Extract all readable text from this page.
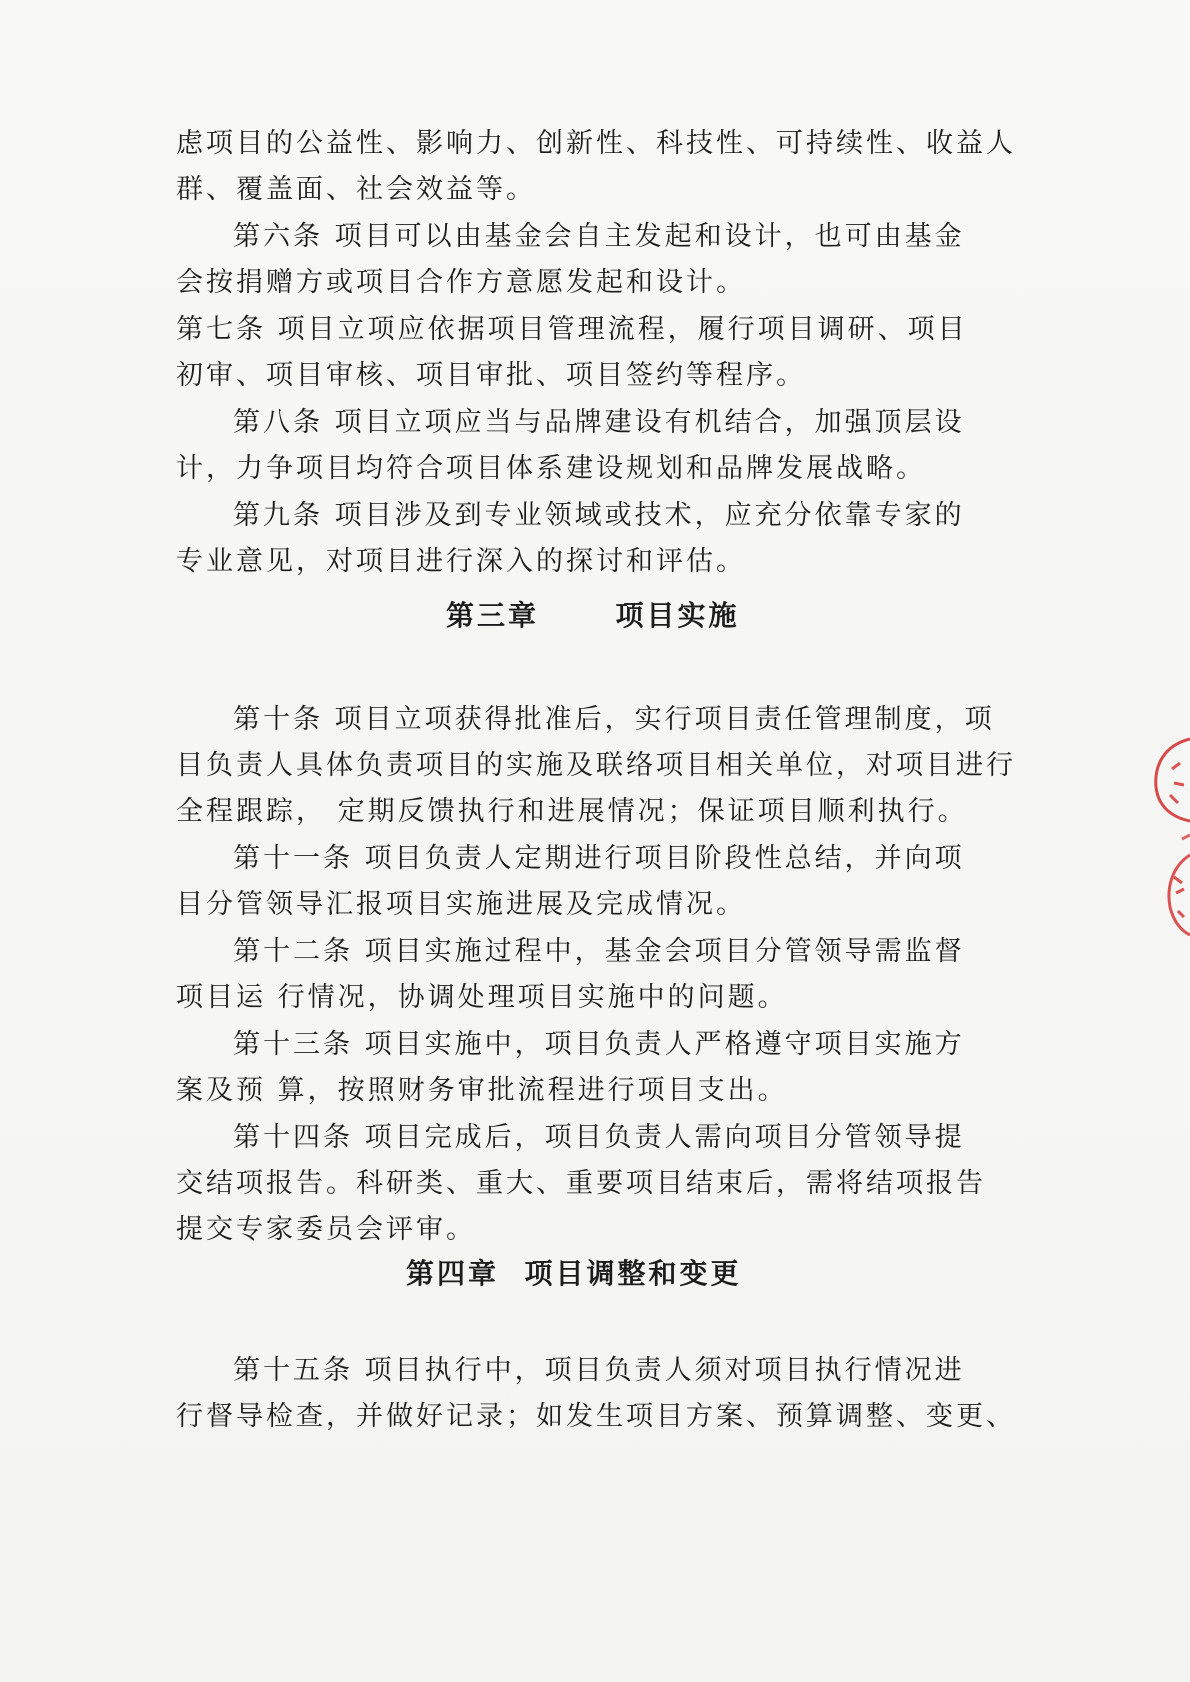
虑项目的公益性、影响力、创新性、科技性、可持续性、收益人
群、覆盖面、社会效益等。
第六条 项目可以由基金会自主发起和设计，也可由基金
会按捐赠方或项目合作方意愿发起和设计。
第七条 项目立项应依据项目管理流程，履行项目调研、项目
初审、项目审核、项目审批、项目签约等程序。
第八条 项目立项应当与品牌建设有机结合，加强顶层设
计，力争项目均符合项目体系建设规划和品牌发展战略。
第九条 项目涉及到专业领域或技术，应充分依靠专家的
专业意见，对项目进行深入的探讨和评估。
第三章      项目实施
第十条 项目立项获得批准后，实行项目责任管理制度，项
目负责人具体负责项目的实施及联络项目相关单位，对项目进行
全程跟踪， 定期反馈执行和进展情况；保证项目顺利执行。
第十一条 项目负责人定期进行项目阶段性总结，并向项
目分管领导汇报项目实施进展及完成情况。
第十二条 项目实施过程中，基金会项目分管领导需监督
项目运 行情况，协调处理项目实施中的问题。
第十三条 项目实施中，项目负责人严格遵守项目实施方
案及预 算，按照财务审批流程进行项目支出。
第十四条 项目完成后，项目负责人需向项目分管领导提
交结项报告。科研类、重大、重要项目结束后，需将结项报告
提交专家委员会评审。
第四章  项目调整和变更
第十五条 项目执行中，项目负责人须对项目执行情况进
行督导检查，并做好记录；如发生项目方案、预算调整、变更、
